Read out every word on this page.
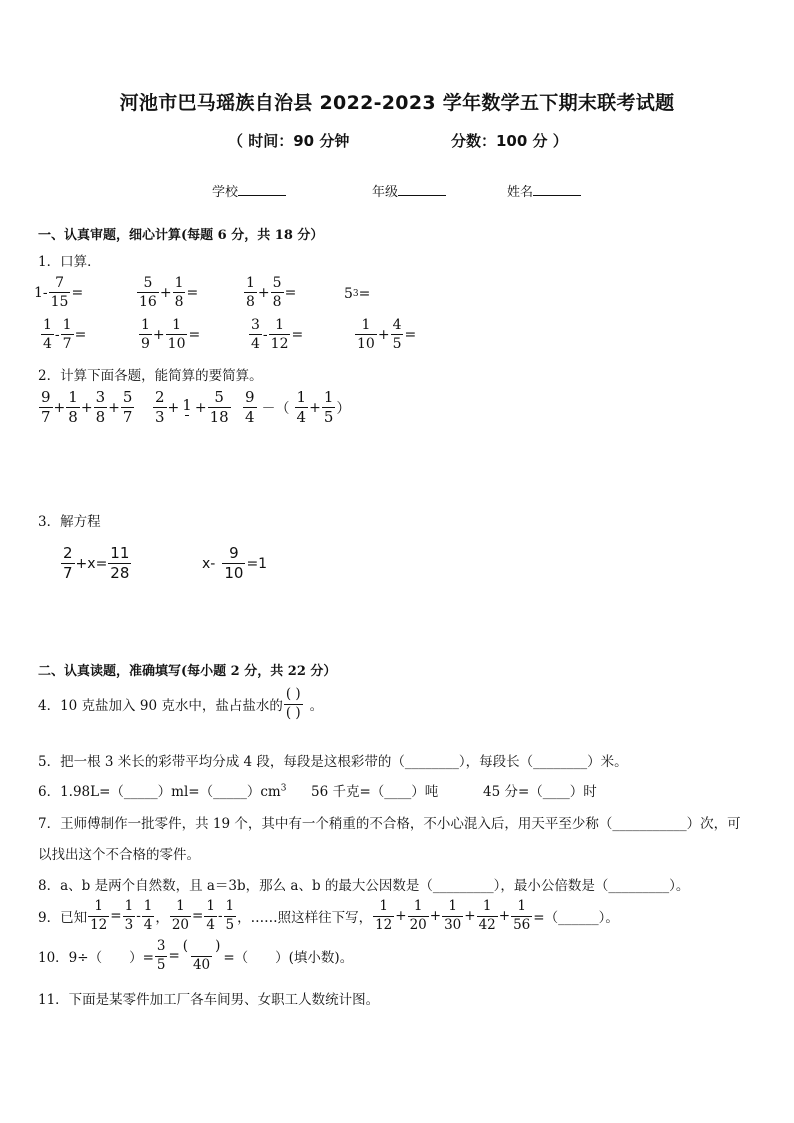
河池市巴马瑶族自治县 2022-2023 学年数学五下期末联考试题
（ 时间：90 分钟	分数：100 分 ）
学校	年级	姓名
一、认真审题，细心计算(每题 6 分，共 18 分）
1．口算．
$1- \frac{7}{15}$ =	$\frac{5}{16} + \frac{1}{8}$ =	$\frac{1}{8} + \frac{5}{8}$ =	5 3 =
$\frac{1}{4} - \frac{1}{7}$ =	$\frac{1}{9} + \frac{1}{10}$ =	$\frac{3}{4} - \frac{1}{12}$ =	$\frac{1}{10} + \frac{4}{5}$ =
2．计算下面各题，能简算的要简算。
$\frac{9}{7} + \frac{1}{8} + \frac{3}{8} + \frac{5}{7} \frac{2}{3} + 1 + \frac{5}{18} \frac{9}{4}$ －（ $\frac{1}{4} + \frac{1}{5}$ ）
3．解方程
$\frac{2}{7} +x= \frac{11}{28}$	$x- \frac{9}{10} =1$
二、认真读题，准确填写(每小题 2 分，共 22 分）
4．10 克盐加入 90 克水中，盐占盐水的 $\frac{( )}{( )}$ 。
5．把一根 3 米长的彩带平均分成 4 段，每段是这根彩带的（________），每段长（________）米。
6．$1.98L=(\_\_\_\_\_)ml=(\_\_\_\_\_)cm^3$ 56 千克=（____）吨	45 分=（____）时
7．王师傅制作一批零件，共 19 个，其中有一个稍重的不合格，不小心混入后，用天平至少称（___________）次，可
以找出这个不合格的零件。
8．a、b 是两个自然数，且 a＝3b，那么 a、b 的最大公因数是（_________），最小公倍数是（_________）。
9．已知 $\frac{1}{12} = \frac{1}{3} - \frac{1}{4}$ ， $\frac{1}{20} = \frac{1}{4} - \frac{1}{5}$ ，……照这样往下写， $\frac{1}{12} + \frac{1}{20} + \frac{1}{30} + \frac{1}{42} + \frac{1}{56}$ =（______）。
10．9÷（　　）= $\frac{3}{5} = \frac{( )}{40}$ =（　　）(填小数)。
11．下面是某零件加工厂各车间男、女职工人数统计图。
